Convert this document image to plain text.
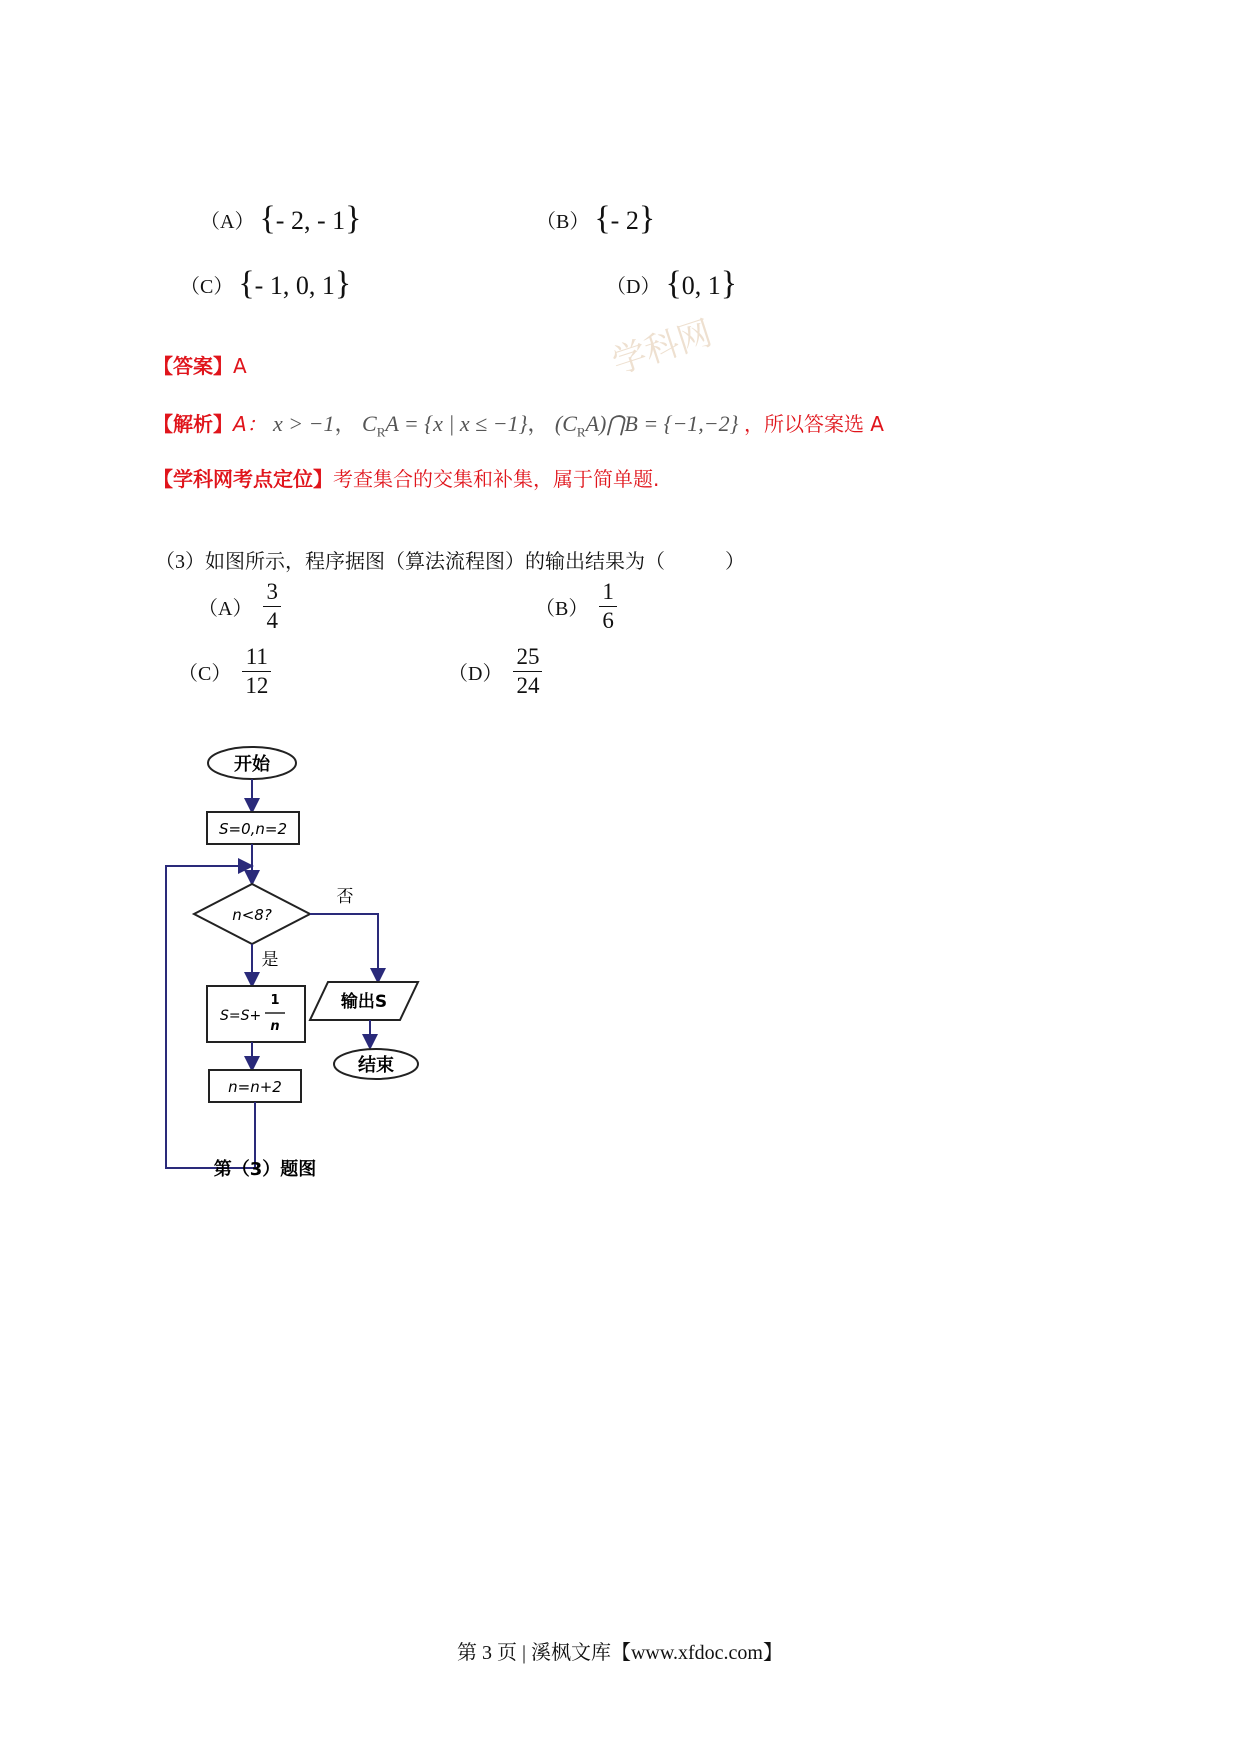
学科网
（A） {- 2, - 1}	（B） {- 2}
（C） {- 1, 0, 1}	（D） {0, 1}
【答案】A
【解析】A： x > −1， $C_RA = \{x$ | x ≤ −1}， $(C_RA)⋂B = \{-1,-2\}$ ，所以答案选 A
【学科网考点定位】考查集合的交集和补集，属于简单题.
（3）如图所示，程序据图（算法流程图）的输出结果为（　　　）
$(A) \frac{3}{4}$	$(B) \frac{1}{6}$
$(C) \frac{11}{12}$	$(D) \frac{25}{24}$
开始
S=0,n=2
n<8?
否
是
S=S+
1
n
n=n+2
输出S
结束
第（3）题图
第 3 页 | 溪枫文库【www.xfdoc.com】
